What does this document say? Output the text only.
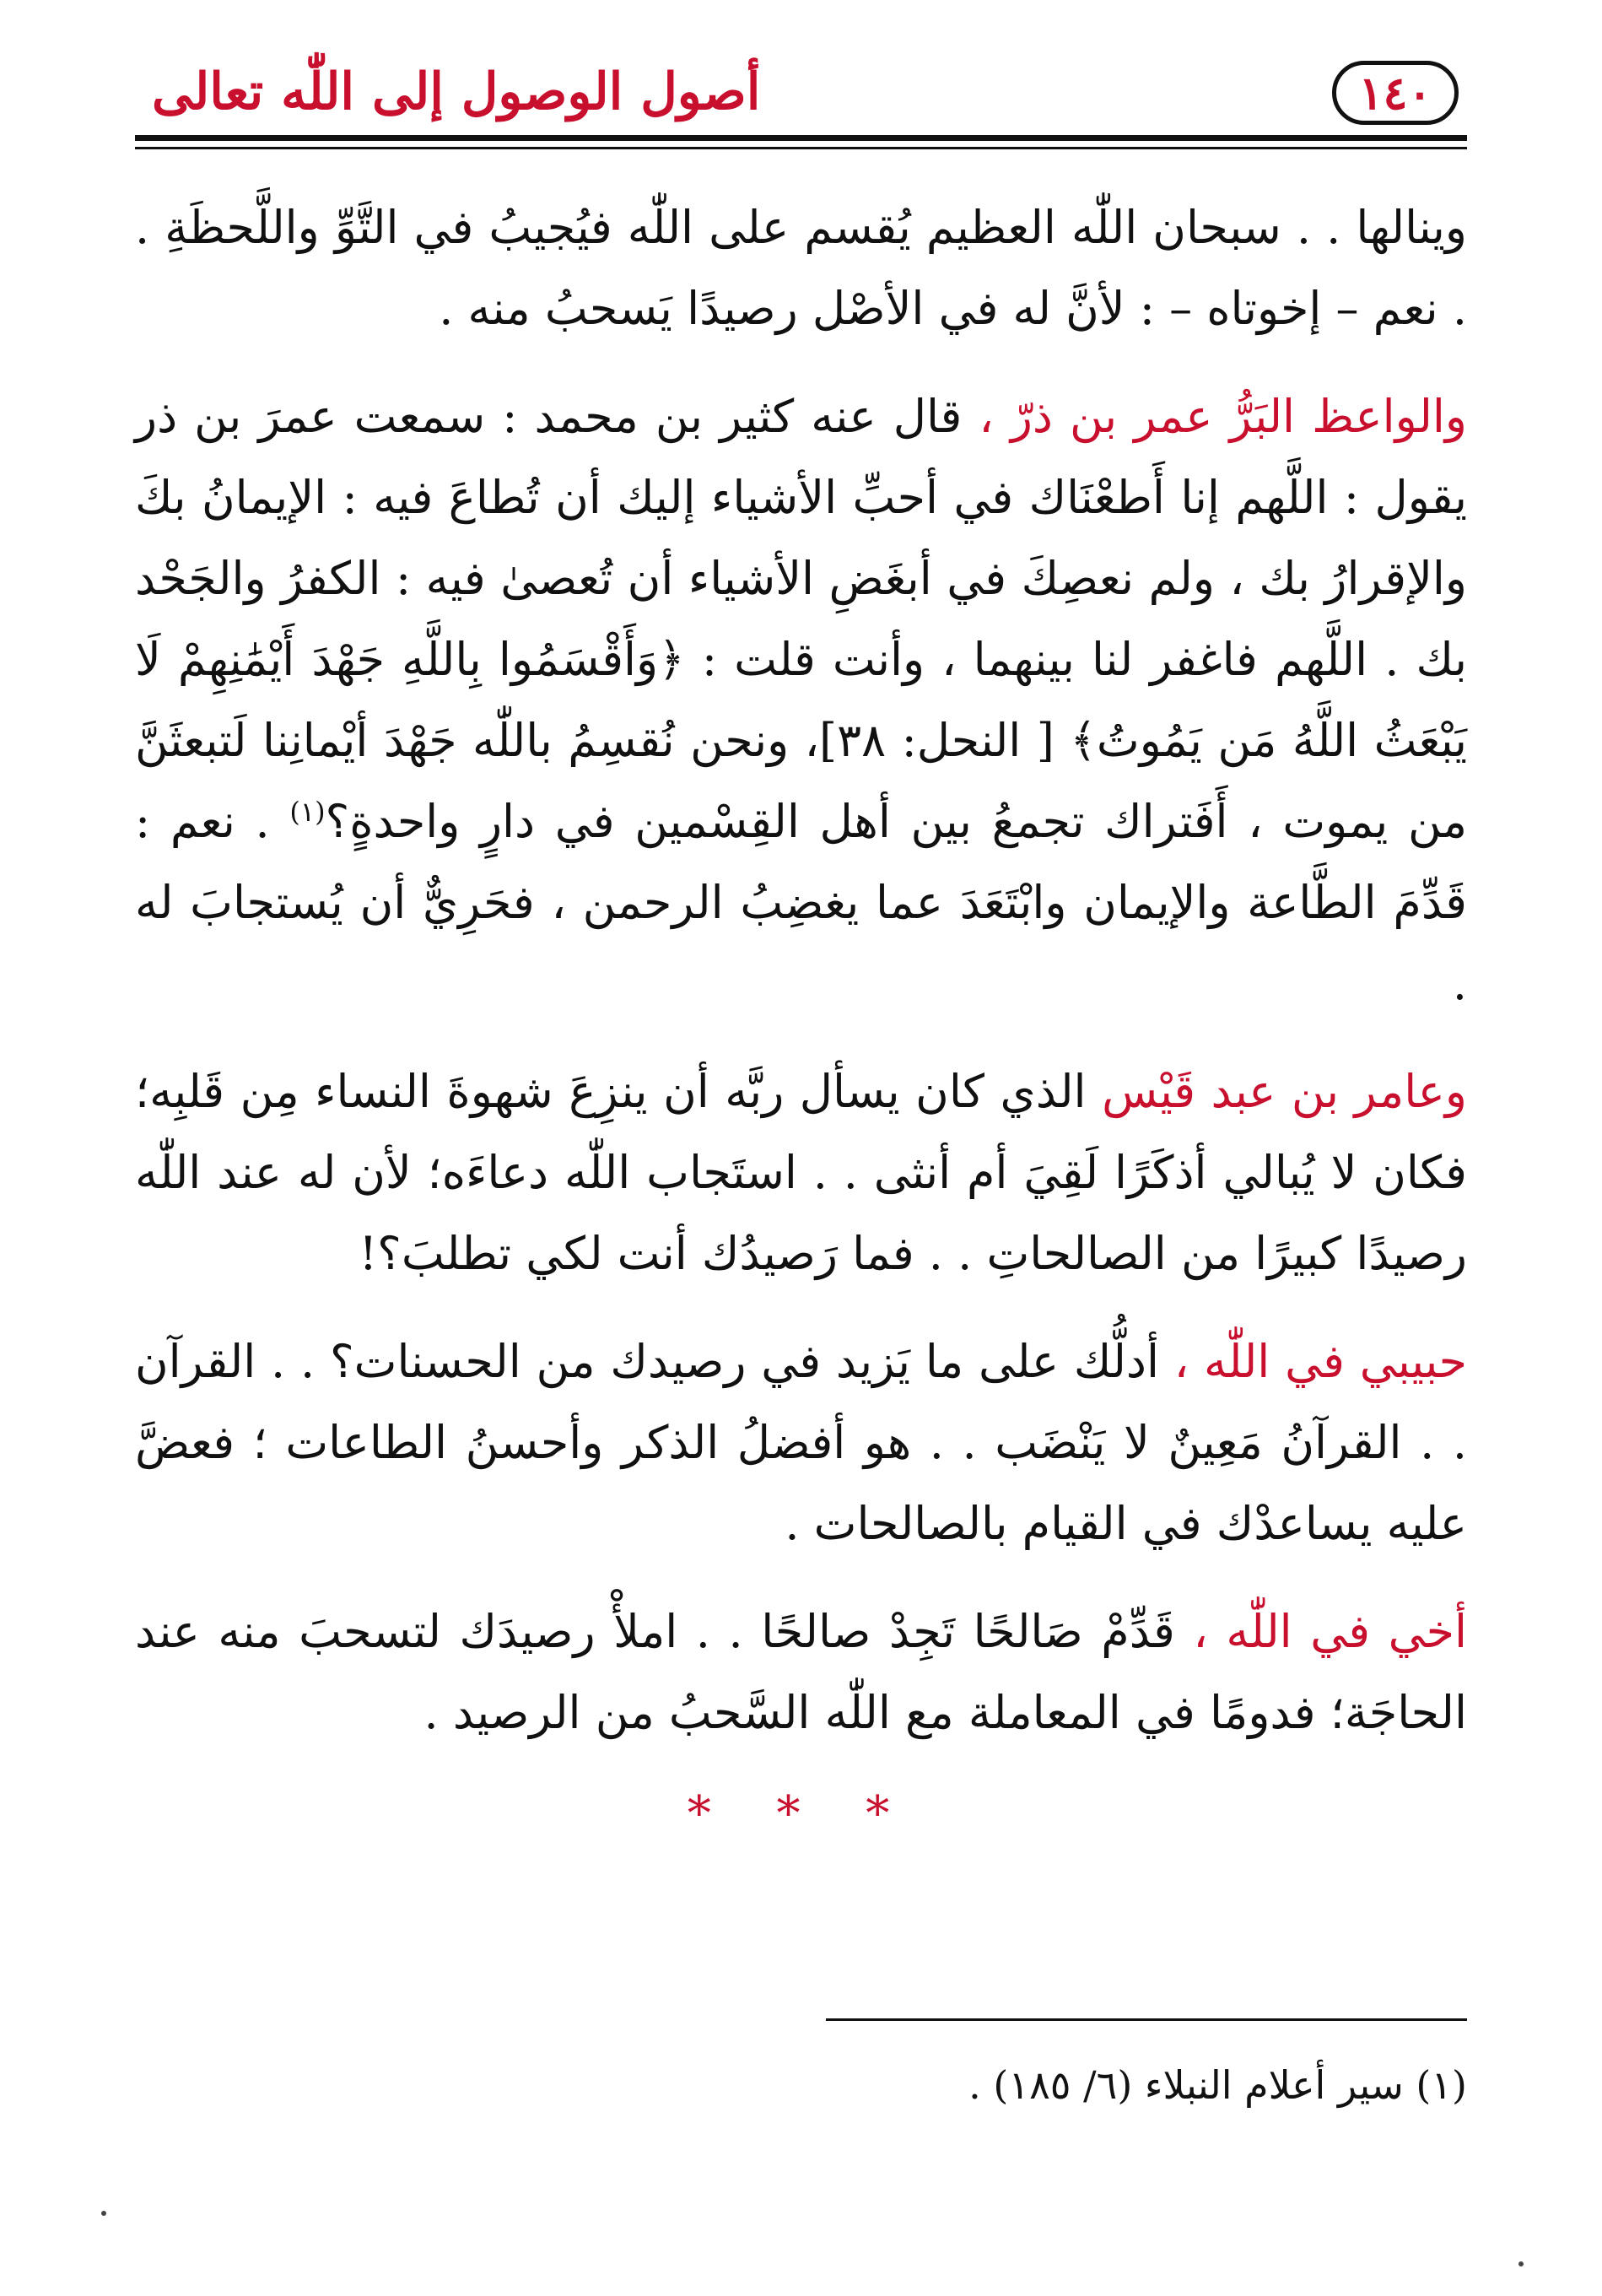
١٤٠
أصول الوصول إلى اللّٰه تعالى

وينالها . . سبحان اللّٰه العظيم يُقسم على اللّٰه فيُجيبُ في التَّوِّ واللَّحظَةِ . . نعم – إخوتاه – : لأنَّ له في الأصْل رصيدًا يَسحبُ منه .

والواعظ البَرُّ عمر بن ذرّ ، قال عنه كثير بن محمد : سمعت عمرَ بن ذر يقول : اللَّهم إنا أَطعْنَاك في أحبِّ الأشياء إليك أن تُطاعَ فيه : الإيمانُ بكَ والإقرارُ بك ، ولم نعصِكَ في أبغَضِ الأشياء أن تُعصىٰ فيه : الكفرُ والجَحْد بك . اللَّهم فاغفر لنا بينهما ، وأنت قلت : ﴿وَأَقْسَمُوا بِاللَّهِ جَهْدَ أَيْمَٰنِهِمْ لَا يَبْعَثُ اللَّهُ مَن يَمُوتُ﴾ [ النحل: ٣٨]، ونحن نُقسِمُ باللّٰه جَهْدَ أيْمانِنا لَتبعثَنَّ من يموت ، أَفَتراك تجمعُ بين أهل القِسْمين في دارٍ واحدةٍ؟$^{(١)}$ . نعم : قَدِّمَ الطَّاعة والإيمان وابْتَعَدَ عما يغضِبُ الرحمن ، فحَرِيٌّ أن يُستجابَ له .

وعامر بن عبد قَيْس الذي كان يسأل ربَّه أن ينزِعَ شهوةَ النساء مِن قَلبِه؛ فكان لا يُبالي أذكَرًا لَقِيَ أم أنثى . . استَجاب اللّٰه دعاءَه؛ لأن له عند اللّٰه رصيدًا كبيرًا من الصالحاتِ . . فما رَصيدُك أنت لكي تطلبَ؟!

حبيبي في اللّٰه ، أدلُّك على ما يَزيد في رصيدك من الحسنات؟ . . القرآن . . القرآنُ مَعِينٌ لا يَنْضَب . . هو أفضلُ الذكر وأحسنُ الطاعات ؛ فعضَّ عليه يساعدْك في القيام بالصالحات .

أخي في اللّٰه ، قَدِّمْ صَالحًا تَجِدْ صالحًا . . املأْ رصيدَك لتسحبَ منه عند الحاجَة؛ فدومًا في المعاملة مع اللّٰه السَّحبُ من الرصيد .

* * *
(١) سير أعلام النبلاء (٦/ ١٨٥) .
